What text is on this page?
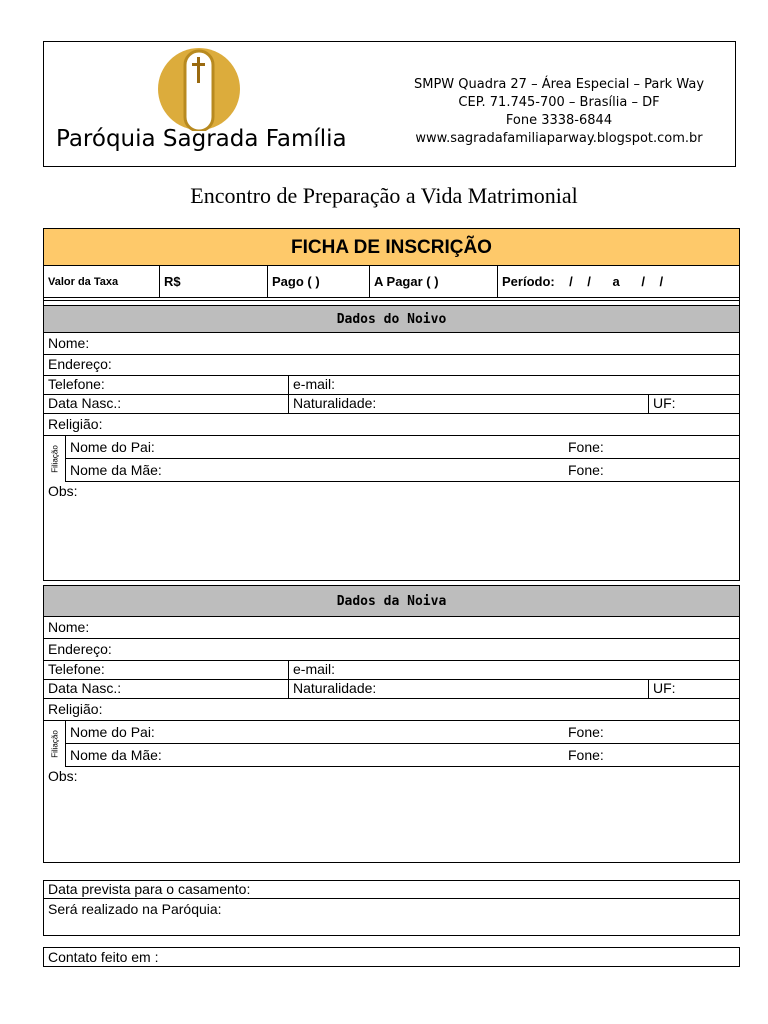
Paróquia Sagrada Família
SMPW Quadra 27 – Área Especial – Park Way
CEP. 71.745-700 – Brasília – DF
Fone 3338-6844
www.sagradafamiliaparway.blogspot.com.br
Encontro de Preparação a Vida Matrimonial
FICHA DE INSCRIÇÃO
Valor da Taxa	R$	Pago ( )	A Pagar ( )	Período:    /    /      a      /    /
Dados do Noivo
Nome:
Endereço:
Telefone:	e-mail:
Data Nasc.:	Naturalidade:	UF:
Religião:
Filiação Nome do Pai:	Fone:
Nome da Mãe:	Fone:
Obs:
Dados da Noiva
Nome:
Endereço:
Telefone:	e-mail:
Data Nasc.:	Naturalidade:	UF:
Religião:
Filiação Nome do Pai:	Fone:
Nome da Mãe:	Fone:
Obs:
Data prevista para o casamento:
Será realizado na Paróquia:
Contato feito em :
